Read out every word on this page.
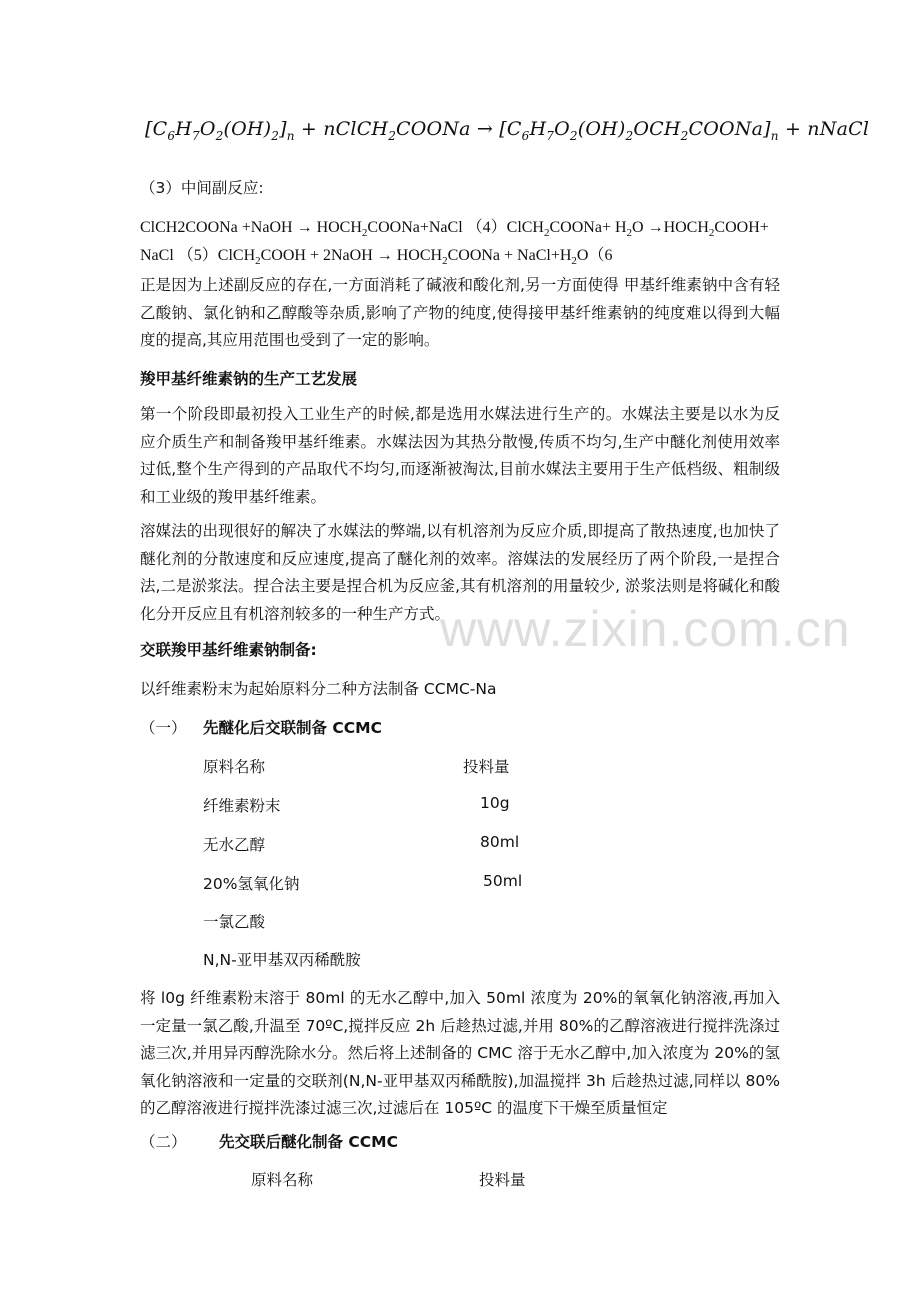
$[C_6H_7O_2(OH)_2]_n$ + nClCH$_2$COONa → $[C_6H_7O_2(OH)_2OCH_2COONa]_n$ + nNaCl
（3）中间副反应:
ClCH2COONa +NaOH → $HOCH_2COONa+NaCl$ （4）ClCH$_2$COONa+ $H_2O$ $\to HOCH_2COOH+$
NaCl （5）ClCH$_2$COOH + 2NaOH → $HOCH_2COONa$ + $NaCl+H_2O(6$
正是因为上述副反应的存在,一方面消耗了碱液和酸化剂,另一方面使得 甲基纤维素钠中含有轻乙酸钠、氯化钠和乙醇酸等杂质,影响了产物的纯度,使得接甲基纤维素钠的纯度难以得到大幅度的提高,其应用范围也受到了一定的影响。
羧甲基纤维素钠的生产工艺发展
第一个阶段即最初投入工业生产的时候,都是选用水媒法进行生产的。水媒法主要是以水为反应介质生产和制备羧甲基纤维素。水媒法因为其热分散慢,传质不均匀,生产中醚化剂使用效率过低,整个生产得到的产品取代不均匀,而逐渐被淘汰,目前水媒法主要用于生产低档级、粗制级和工业级的羧甲基纤维素。
溶媒法的出现很好的解决了水媒法的弊端,以有机溶剂为反应介质,即提高了散热速度,也加快了醚化剂的分散速度和反应速度,提高了醚化剂的效率。溶媒法的发展经历了两个阶段,一是捏合法,二是淤浆法。捏合法主要是捏合机为反应釜,其有机溶剂的用量较少, 淤浆法则是将碱化和酸化分开反应且有机溶剂较多的一种生产方式。
www.zixin.com.cn
交联羧甲基纤维素钠制备:
以纤维素粉末为起始原料分二种方法制备 CCMC-Na
（一） 先醚化后交联制备 CCMC
原料名称	投料量
纤维素粉末	10g
无水乙醇	80ml
20%氢氧化钠	50ml
一氯乙酸
N,N-亚甲基双丙稀酰胺
将 l0g 纤维素粉末溶于 80ml 的无水乙醇中,加入 50ml 浓度为 20%的氧氧化钠溶液,再加入一定量一氯乙酸,升温至 70ºC,搅拌反应 2h 后趁热过滤,并用 80%的乙醇溶液进行搅拌洗涤过滤三次,并用异丙醇洗除水分。然后将上述制备的 CMC 溶于无水乙醇中,加入浓度为 20%的氢氧化钠溶液和一定量的交联剂(N,N-亚甲基双丙稀酰胺),加温搅拌 3h 后趁热过滤,同样以 80%的乙醇溶液进行搅拌洗漆过滤三次,过滤后在 105ºC 的温度下干燥至质量恒定
（二） 先交联后醚化制备 CCMC
原料名称	投料量
